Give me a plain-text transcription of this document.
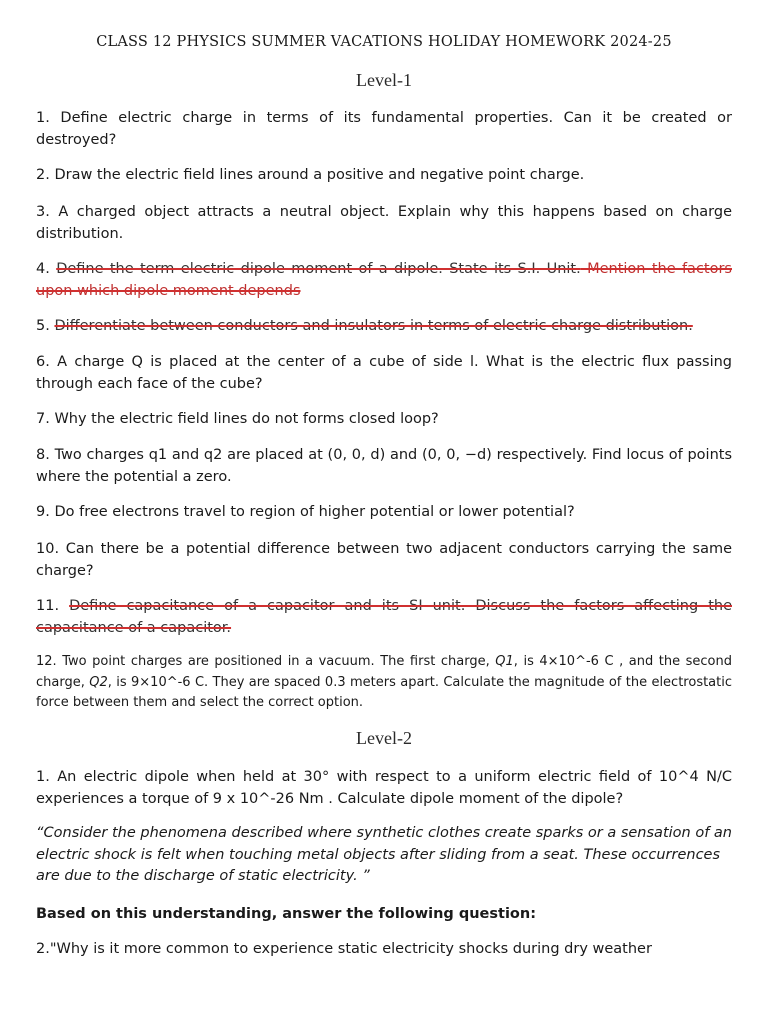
CLASS 12 PHYSICS SUMMER VACATIONS HOLIDAY HOMEWORK 2024-25
Level-1

1. Define electric charge in terms of its fundamental properties. Can it be created or destroyed?

2. Draw the electric field lines around a positive and negative point charge.

3. A charged object attracts a neutral object. Explain why this happens based on charge distribution.

4. Define the term electric dipole moment of a dipole. State its S.I. Unit. Mention the factors upon which dipole moment depends

5. Differentiate between conductors and insulators in terms of electric charge distribution.

6. A charge Q is placed at the center of a cube of side l. What is the electric flux passing through each face of the cube?

7. Why the electric field lines do not forms closed loop?

8. Two charges q1 and q2 are placed at (0, 0, d) and (0, 0, −d) respectively. Find locus of points where the potential a zero.

9. Do free electrons travel to region of higher potential or lower potential?

10. Can there be a potential difference between two adjacent conductors carrying the same charge?

11. Define capacitance of a capacitor and its SI unit. Discuss the factors affecting the capacitance of a capacitor.

12. Two point charges are positioned in a vacuum. The first charge, Q1, is 4×10^-6 C , and the second charge, Q2, is 9×10^-6 C. They are spaced 0.3 meters apart. Calculate the magnitude of the electrostatic force between them and select the correct option.

Level-2

1. An electric dipole when held at 30° with respect to a uniform electric field of 10^4 N/C experiences a torque of 9 x 10^-26 Nm . Calculate dipole moment of the dipole?

“Consider the phenomena described where synthetic clothes create sparks or a sensation of an electric shock is felt when touching metal objects after sliding from a seat. These occurrences are due to the discharge of static electricity. ”

Based on this understanding, answer the following question:

2."Why is it more common to experience static electricity shocks during dry weather
